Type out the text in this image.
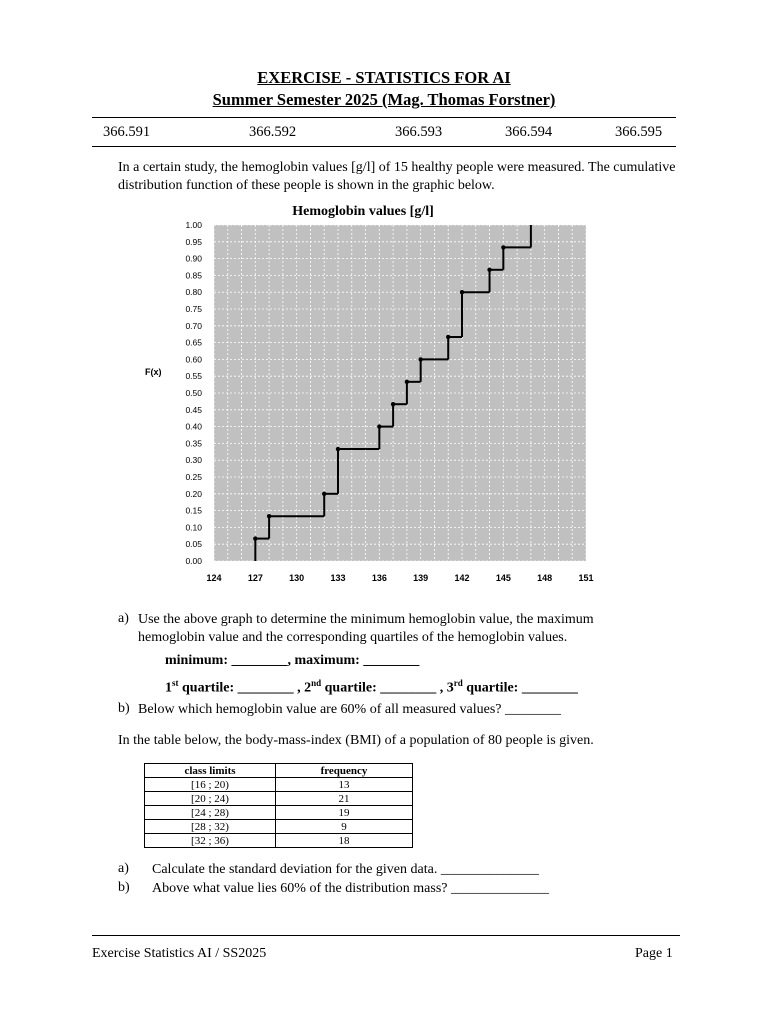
EXERCISE - STATISTICS FOR AI
Summer Semester 2025 (Mag. Thomas Forstner)
366.591	366.592	366.593	366.594	366.595
In a certain study, the hemoglobin values [g/l] of 15 healthy people were measured. The cumulative distribution function of these people is shown in the graphic below.
Hemoglobin values [g/l]
0.00
0.05
0.10
0.15
0.20
0.25
0.30
0.35
0.40
0.45
0.50
0.55
0.60
0.65
0.70
0.75
0.80
0.85
0.90
0.95
1.00
124	127	130	133	136	139	142	145	148	151
F(x)
a) Use the above graph to determine the minimum hemoglobin value, the maximum hemoglobin value and the corresponding quartiles of the hemoglobin values.
minimum: ________, maximum: ________
1st quartile: ________ , 2nd quartile: ________ , 3rd quartile: ________
b) Below which hemoglobin value are 60% of all measured values? ________
In the table below, the body-mass-index (BMI) of a population of 80 people is given.
class limits	frequency
[16 ; 20)	13
[20 ; 24)	21
[24 ; 28)	19
[28 ; 32)	9
[32 ; 36)	18
a) Calculate the standard deviation for the given data. ______________
b) Above what value lies 60% of the distribution mass? ______________
Exercise Statistics AI / SS2025	Page 1
